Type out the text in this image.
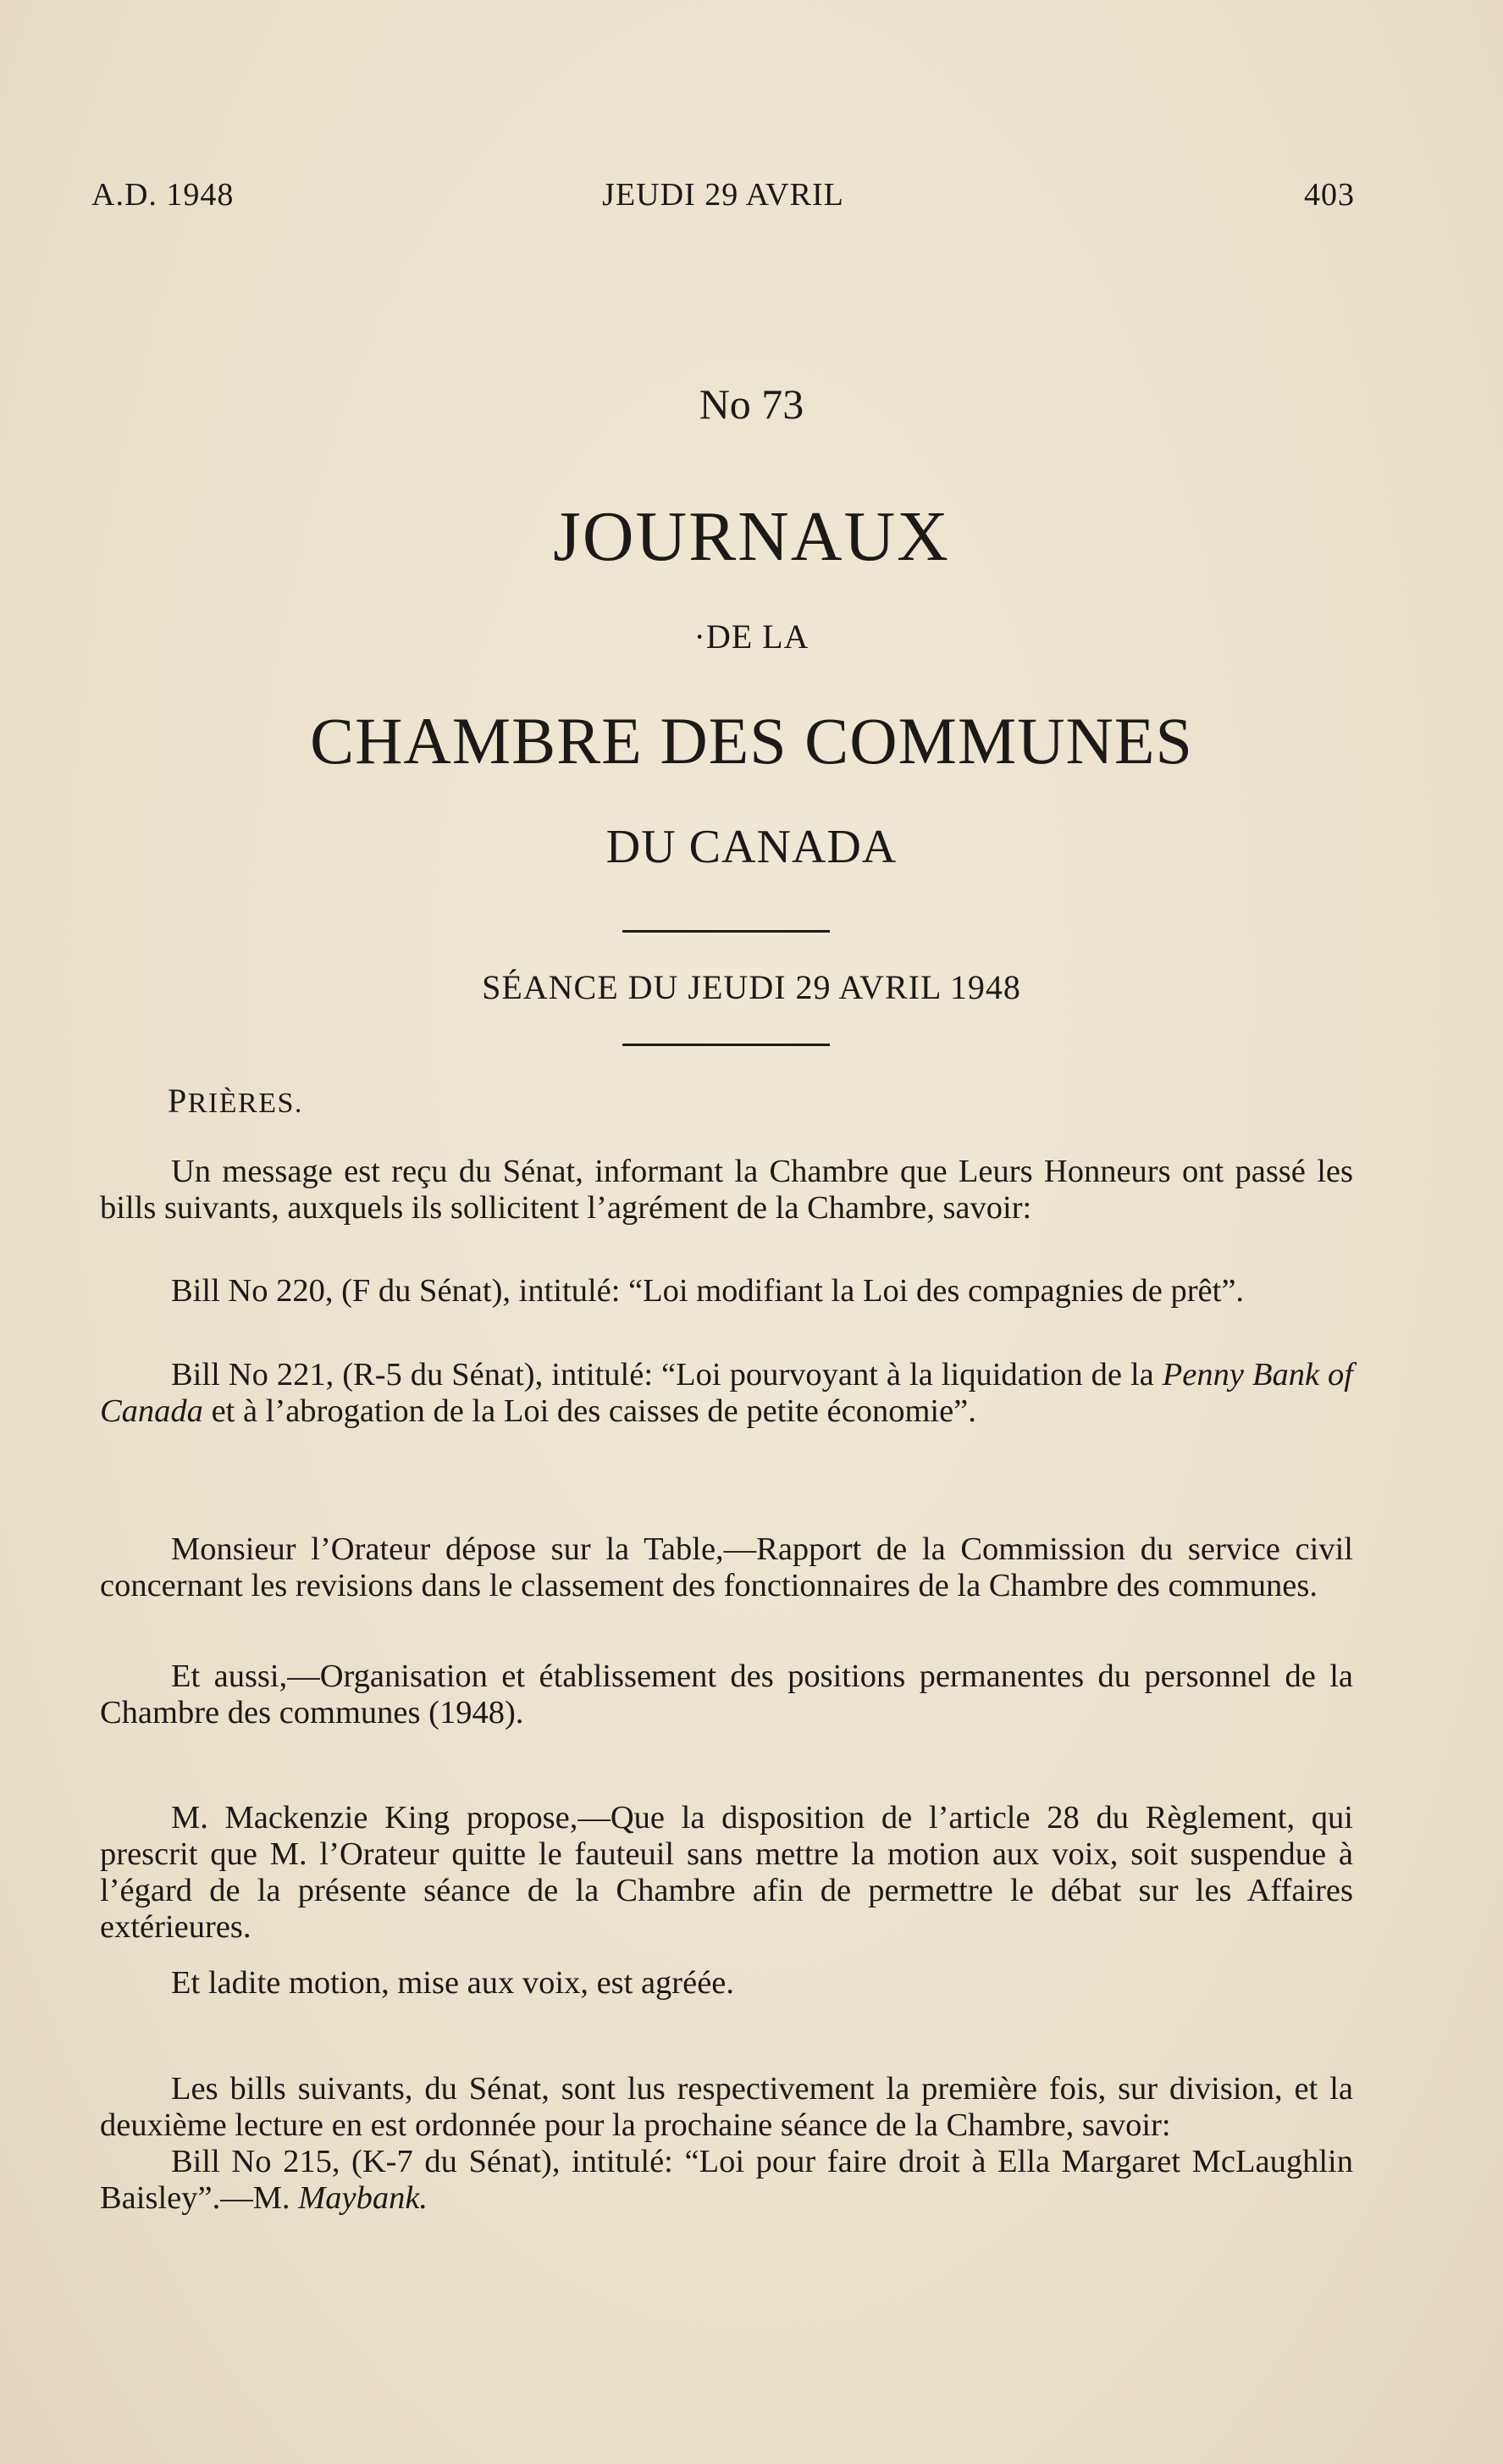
A.D. 1948	JEUDI 29 AVRIL	403
No 73
JOURNAUX
·DE LA
CHAMBRE DES COMMUNES
DU CANADA
SÉANCE DU JEUDI 29 AVRIL 1948
PRIÈRES.

Un message est reçu du Sénat, informant la Chambre que Leurs Honneurs ont passé les bills suivants, auxquels ils sollicitent l’agrément de la Chambre, savoir:

Bill No 220, (F du Sénat), intitulé: “Loi modifiant la Loi des compagnies de prêt”.

Bill No 221, (R-5 du Sénat), intitulé: “Loi pourvoyant à la liquidation de la Penny Bank of Canada et à l’abrogation de la Loi des caisses de petite économie”.

Monsieur l’Orateur dépose sur la Table,—Rapport de la Commission du service civil concernant les revisions dans le classement des fonctionnaires de la Chambre des communes.

Et aussi,—Organisation et établissement des positions permanentes du personnel de la Chambre des communes (1948).

M. Mackenzie King propose,—Que la disposition de l’article 28 du Règlement, qui prescrit que M. l’Orateur quitte le fauteuil sans mettre la motion aux voix, soit suspendue à l’égard de la présente séance de la Chambre afin de permettre le débat sur les Affaires extérieures.

Et ladite motion, mise aux voix, est agréée.

Les bills suivants, du Sénat, sont lus respectivement la première fois, sur division, et la deuxième lecture en est ordonnée pour la prochaine séance de la Chambre, savoir:

Bill No 215, (K-7 du Sénat), intitulé: “Loi pour faire droit à Ella Margaret McLaughlin Baisley”.—M. Maybank.
